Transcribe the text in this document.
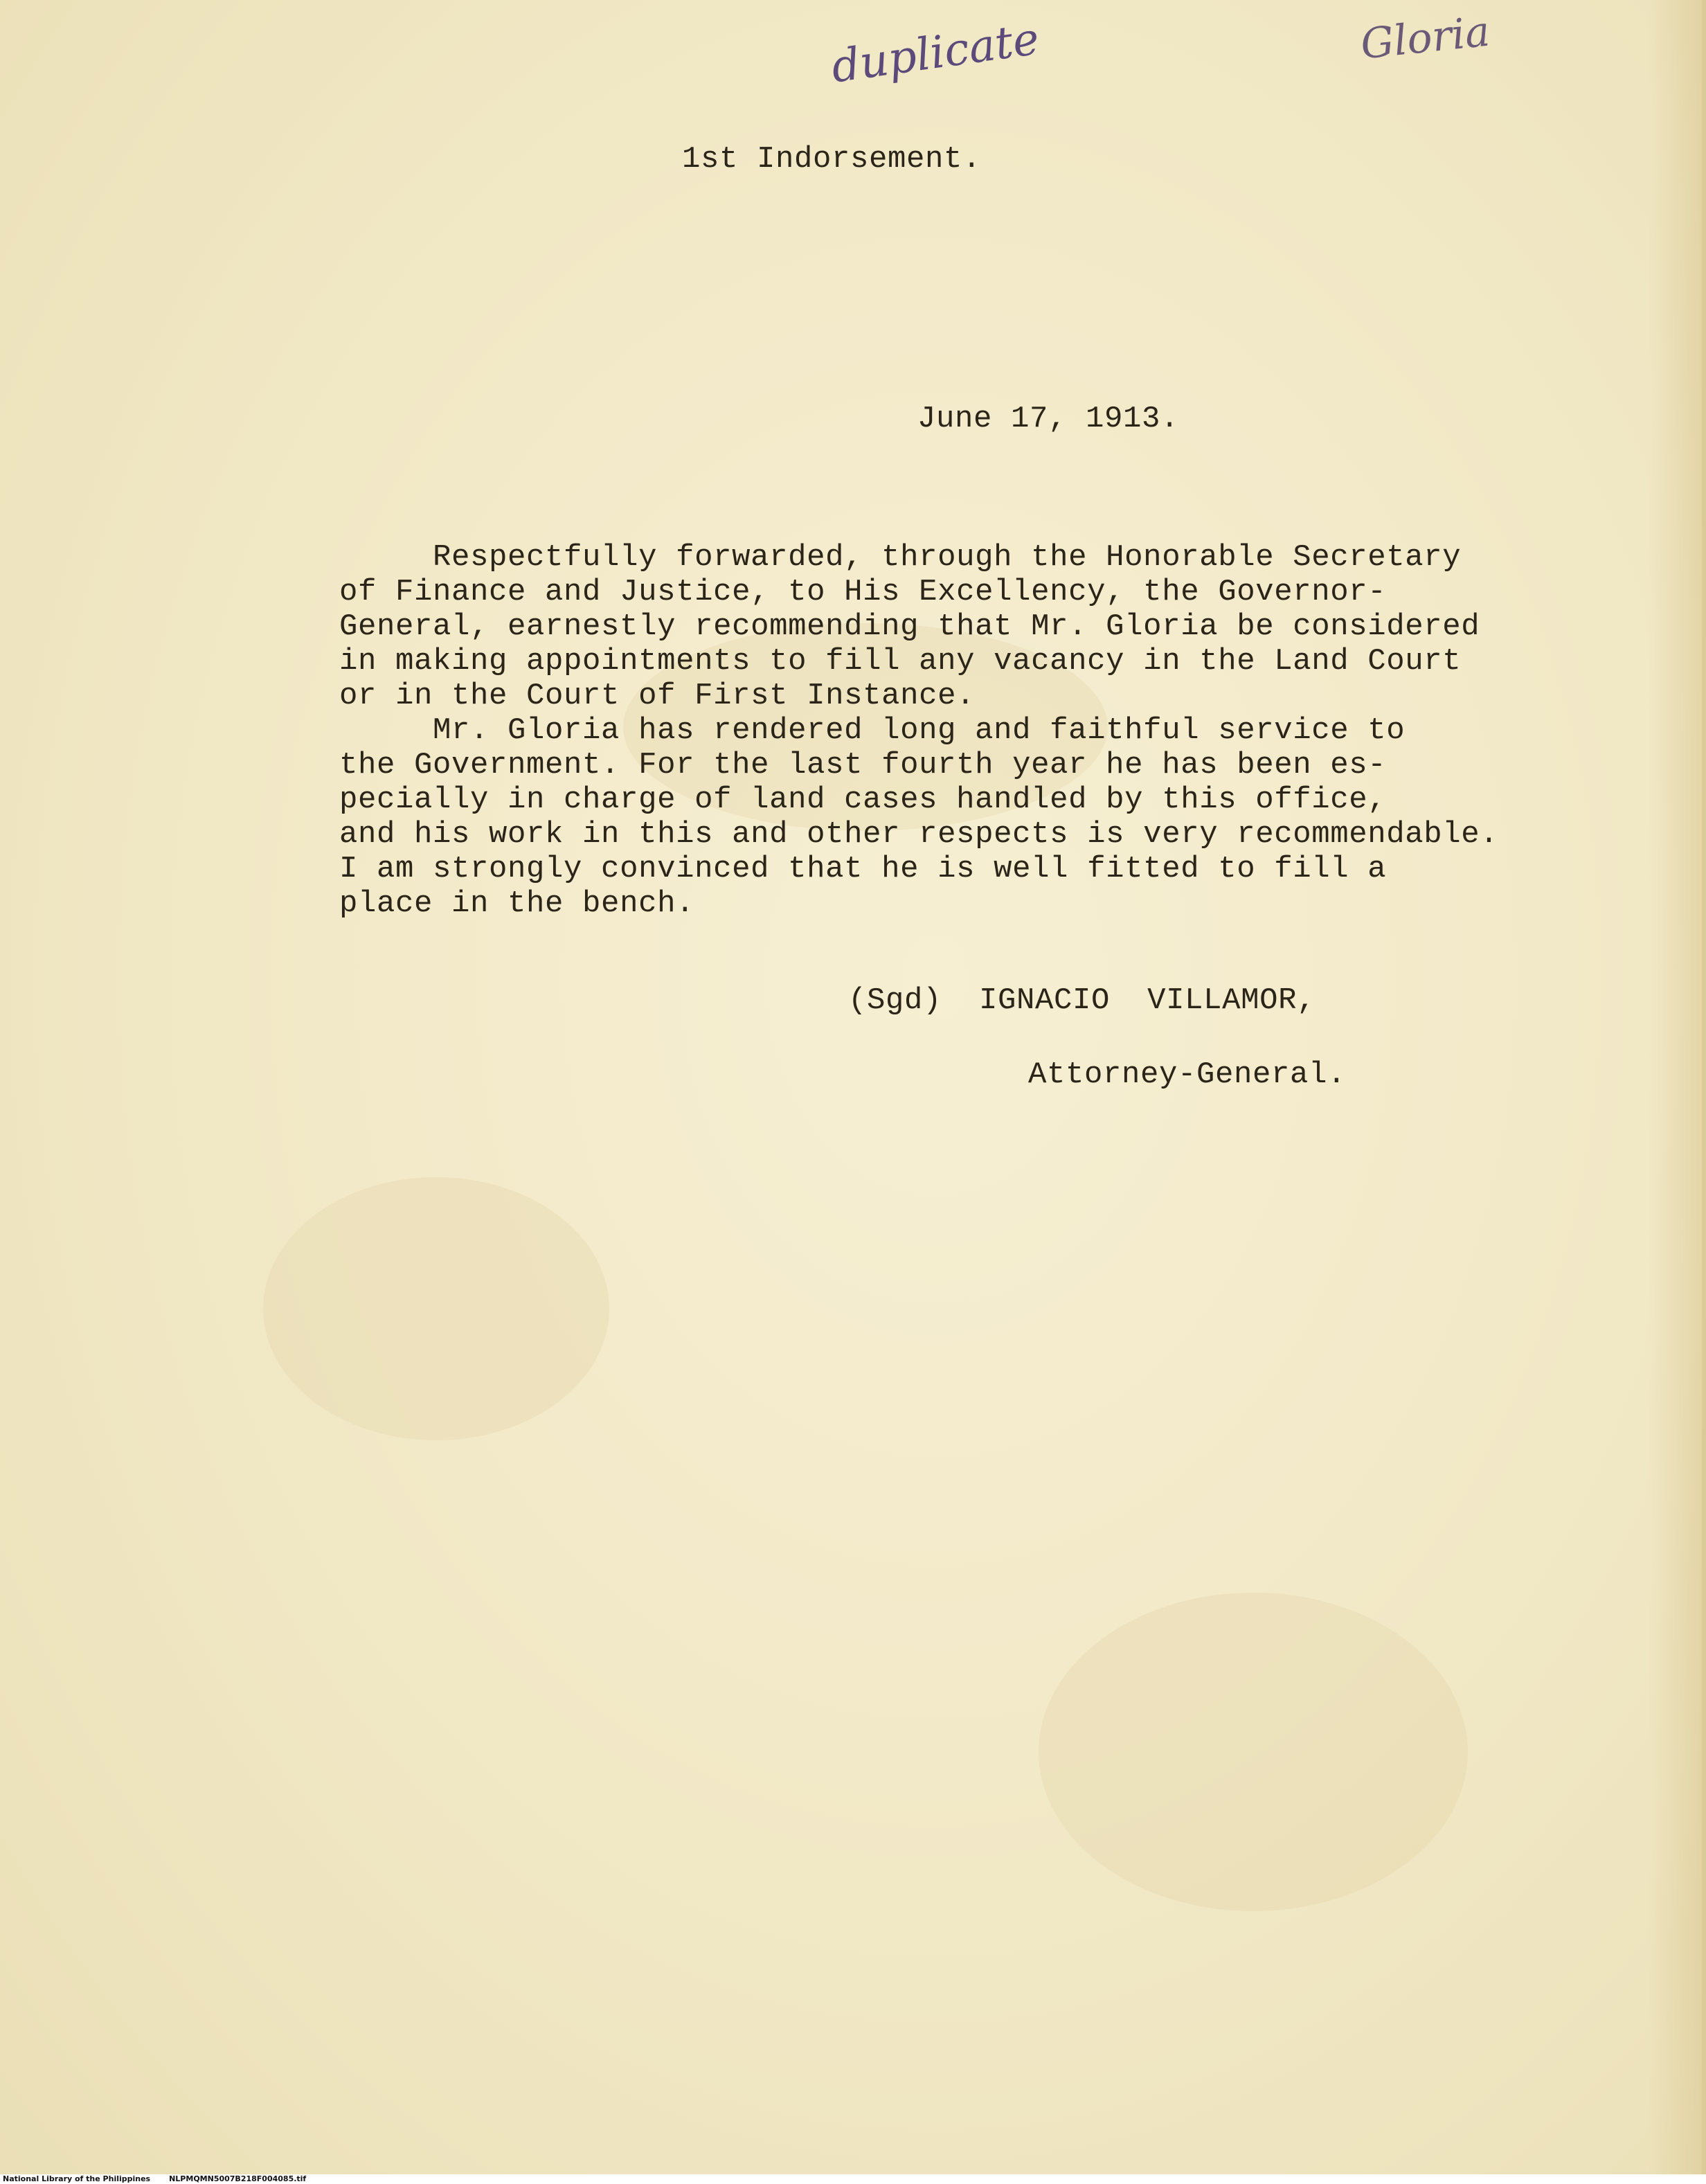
duplicate	Gloria
1st Indorsement.
June 17, 1913.
Respectfully forwarded, through the Honorable Secretary
of Finance and Justice, to His Excellency, the Governor-
General, earnestly recommending that Mr. Gloria be considered
in making appointments to fill any vacancy in the Land Court
or in the Court of First Instance.
Mr. Gloria has rendered long and faithful service to
the Government. For the last fourth year he has been es-
pecially in charge of land cases handled by this office,
and his work in this and other respects is very recommendable.
I am strongly convinced that he is well fitted to fill a
place in the bench.
(Sgd)  IGNACIO  VILLAMOR,
Attorney-General.
National Library of the Philippines NLPMQMN5007B218F004085.tif
